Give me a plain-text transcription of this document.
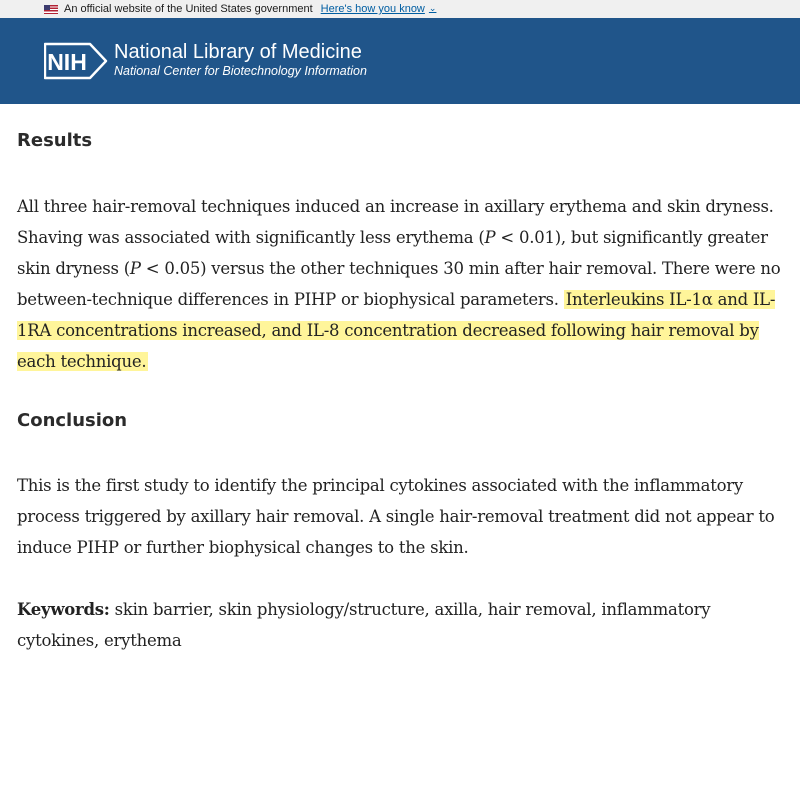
An official website of the United States government Here's how you know ⌄
NIH National Library of Medicine
National Center for Biotechnology Information
Results

All three hair-removal techniques induced an increase in axillary erythema and skin dryness. Shaving was associated with significantly less erythema (P < 0.01), but significantly greater skin dryness (P < 0.05) versus the other techniques 30 min after hair removal. There were no between-technique differences in PIHP or biophysical parameters. Interleukins IL-1α and IL-1RA concentrations increased, and IL-8 concentration decreased following hair removal by each technique.

Conclusion

This is the first study to identify the principal cytokines associated with the inflammatory process triggered by axillary hair removal. A single hair-removal treatment did not appear to induce PIHP or further biophysical changes to the skin.

Keywords: skin barrier, skin physiology/structure, axilla, hair removal, inflammatory cytokines, erythema
